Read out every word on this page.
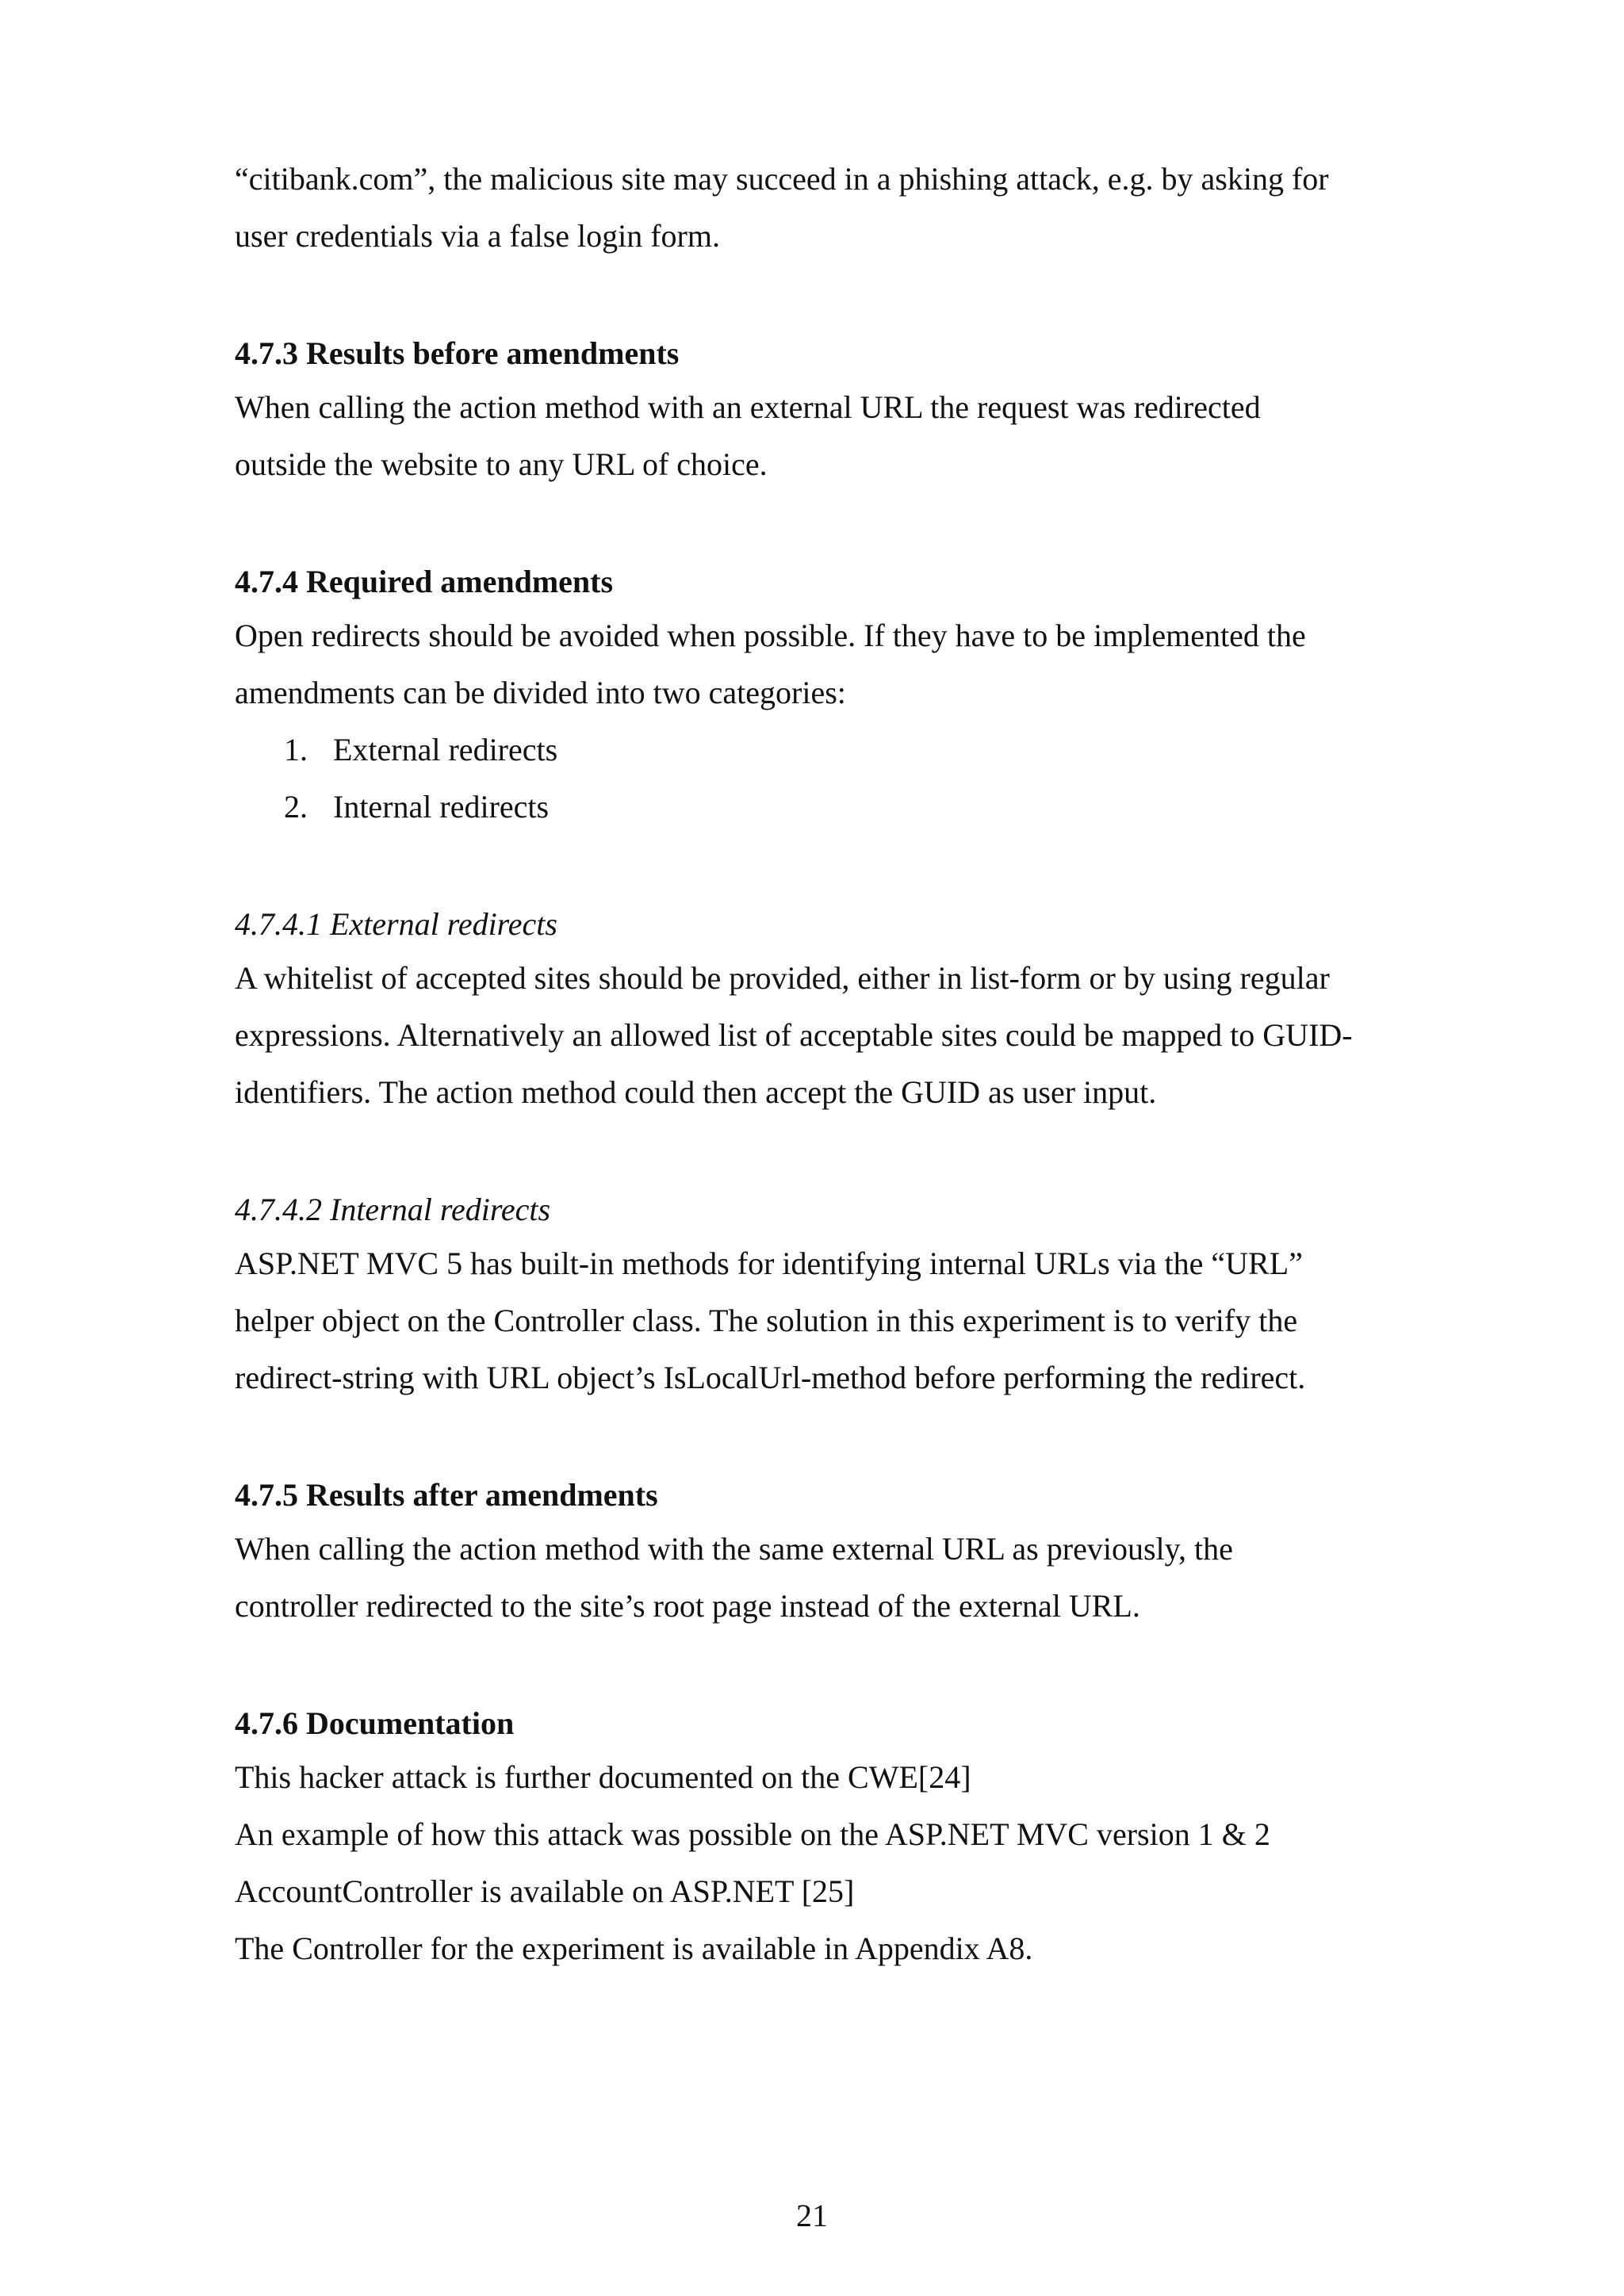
“citibank.com”, the malicious site may succeed in a phishing attack, e.g. by asking for
user credentials via a false login form.
4.7.3 Results before amendments
When calling the action method with an external URL the request was redirected
outside the website to any URL of choice.
4.7.4 Required amendments
Open redirects should be avoided when possible. If they have to be implemented the
amendments can be divided into two categories:
1. External redirects
2. Internal redirects
4.7.4.1 External redirects
A whitelist of accepted sites should be provided, either in list-form or by using regular
expressions. Alternatively an allowed list of acceptable sites could be mapped to GUID-
identifiers. The action method could then accept the GUID as user input.
4.7.4.2 Internal redirects
ASP.NET MVC 5 has built-in methods for identifying internal URLs via the “URL”
helper object on the Controller class. The solution in this experiment is to verify the
redirect-string with URL object’s IsLocalUrl-method before performing the redirect.
4.7.5 Results after amendments
When calling the action method with the same external URL as previously, the
controller redirected to the site’s root page instead of the external URL.
4.7.6 Documentation
This hacker attack is further documented on the CWE[24]
An example of how this attack was possible on the ASP.NET MVC version 1 & 2
AccountController is available on ASP.NET [25]
The Controller for the experiment is available in Appendix A8.
21
